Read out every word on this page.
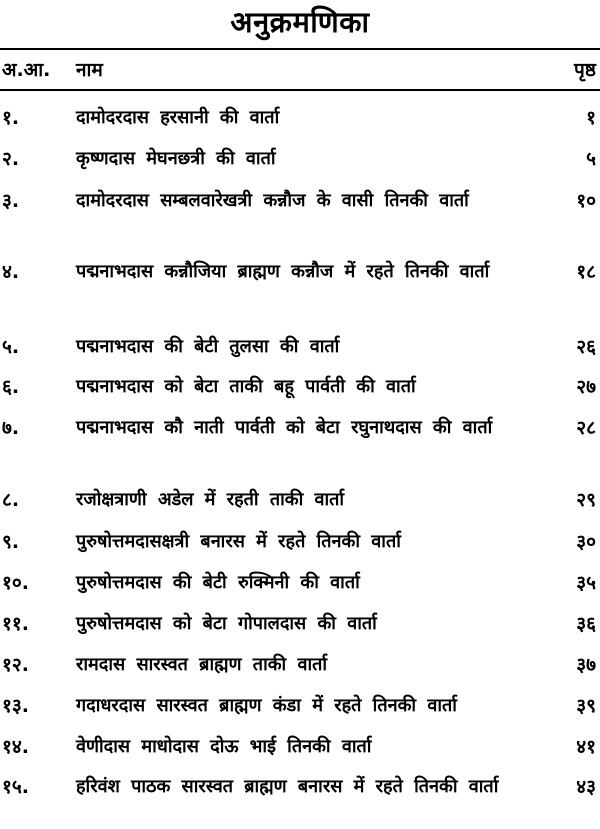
अनुक्रमणिका
अ.आ. नाम	पृष्ठ
१.	दामोदरदास हरसानी की वार्ता	१
२.	कृष्णदास मेघनछत्री की वार्ता	५
३.	दामोदरदास सम्बलवारेखत्री कन्नौज के वासी तिनकी वार्ता	१०
४.	पद्मनाभदास कन्नौजिया ब्राह्मण कन्नौज में रहते तिनकी वार्ता	१८
५.	पद्मनाभदास की बेटी तुलसा की वार्ता	२६
६.	पद्मनाभदास को बेटा ताकी बहू पार्वती की वार्ता	२७
७.	पद्मनाभदास कौ नाती पार्वती को बेटा रघुनाथदास की वार्ता	२८
८.	रजोक्षत्राणी अडेल में रहती ताकी वार्ता	२९
९.	पुरुषोत्तमदासक्षत्री बनारस में रहते तिनकी वार्ता	३०
१०.	पुरुषोत्तमदास की बेटी रुक्मिनी की वार्ता	३५
११.	पुरुषोत्तमदास को बेटा गोपालदास की वार्ता	३६
१२.	रामदास सारस्वत ब्राह्मण ताकी वार्ता	३७
१३.	गदाधरदास सारस्वत ब्राह्मण कंडा में रहते तिनकी वार्ता	३९
१४.	वेणीदास माधोदास दोऊ भाई तिनकी वार्ता	४१
१५.	हरिवंश पाठक सारस्वत ब्राह्मण बनारस में रहते तिनकी वार्ता	४३
